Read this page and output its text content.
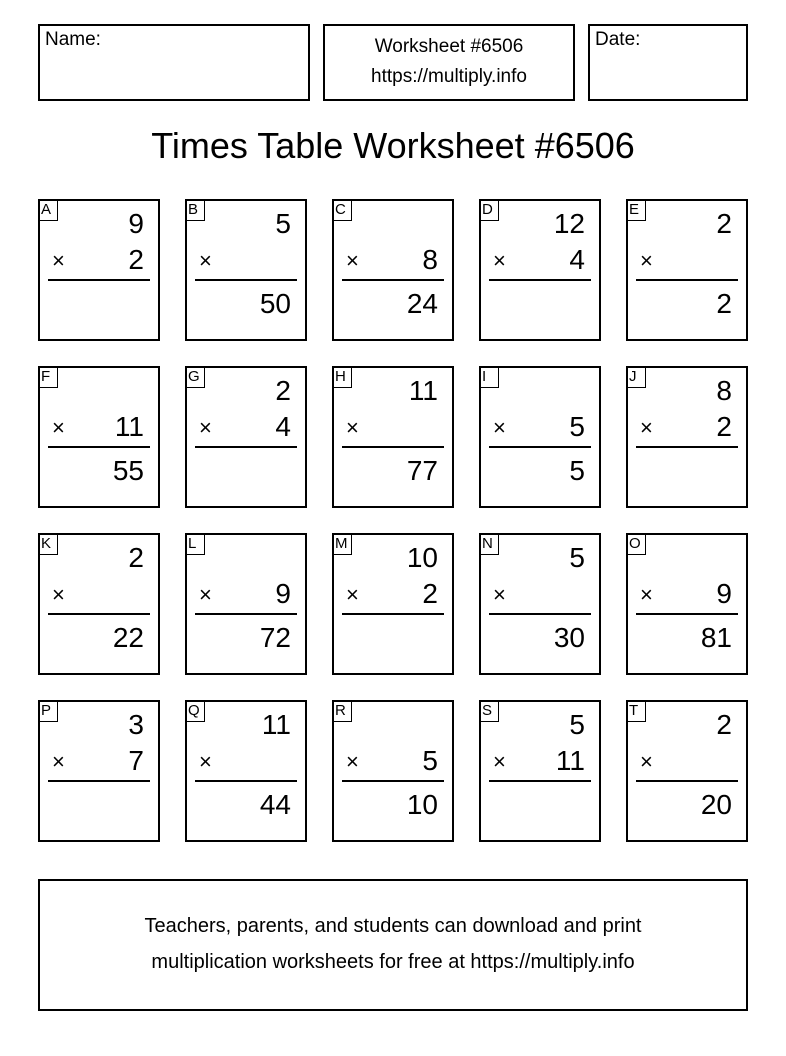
Name:	Worksheet #6506
https://multiply.info
Date:
Times Table Worksheet #6506
A	9
× 2
B	5
×
50
C
× 8
24
D 12
× 4
E	2
×
2
F
× 11
55
G	2
× 4
H 11
×
77
I
× 5
5
J	8
× 2
K	2
×
22
L
× 9
72
M 10
× 2
N	5
×
30
O
× 9
81
P	3
× 7
Q 11
×
44
R
× 5
10
S	5
× 11
T	2
×
20
Teachers, parents, and students can download and print
multiplication worksheets for free at https://multiply.info
